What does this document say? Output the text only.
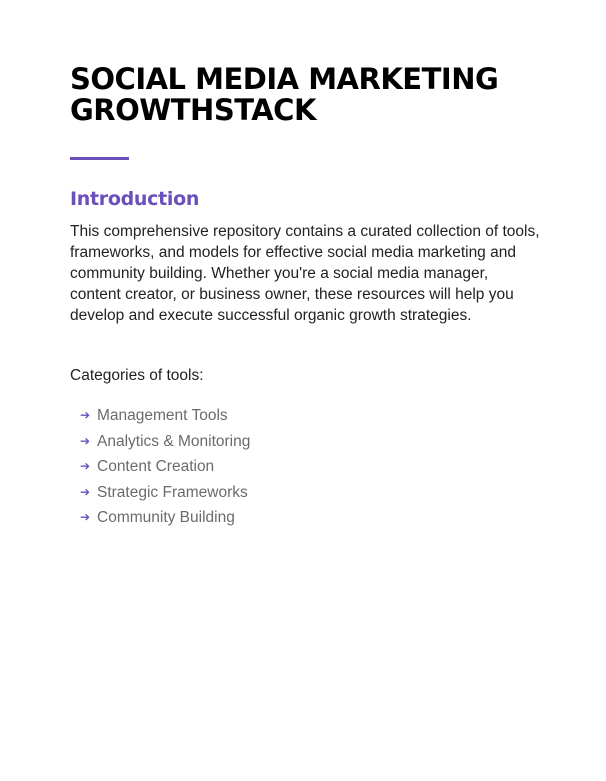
SOCIAL MEDIA MARKETING GROWTHSTACK
Introduction

This comprehensive repository contains a curated collection of tools, frameworks, and models for effective social media marketing and community building. Whether you're a social media manager, content creator, or business owner, these resources will help you develop and execute successful organic growth strategies.

Categories of tools:

➔ Management Tools
➔ Analytics & Monitoring
➔ Content Creation
➔ Strategic Frameworks
➔ Community Building
